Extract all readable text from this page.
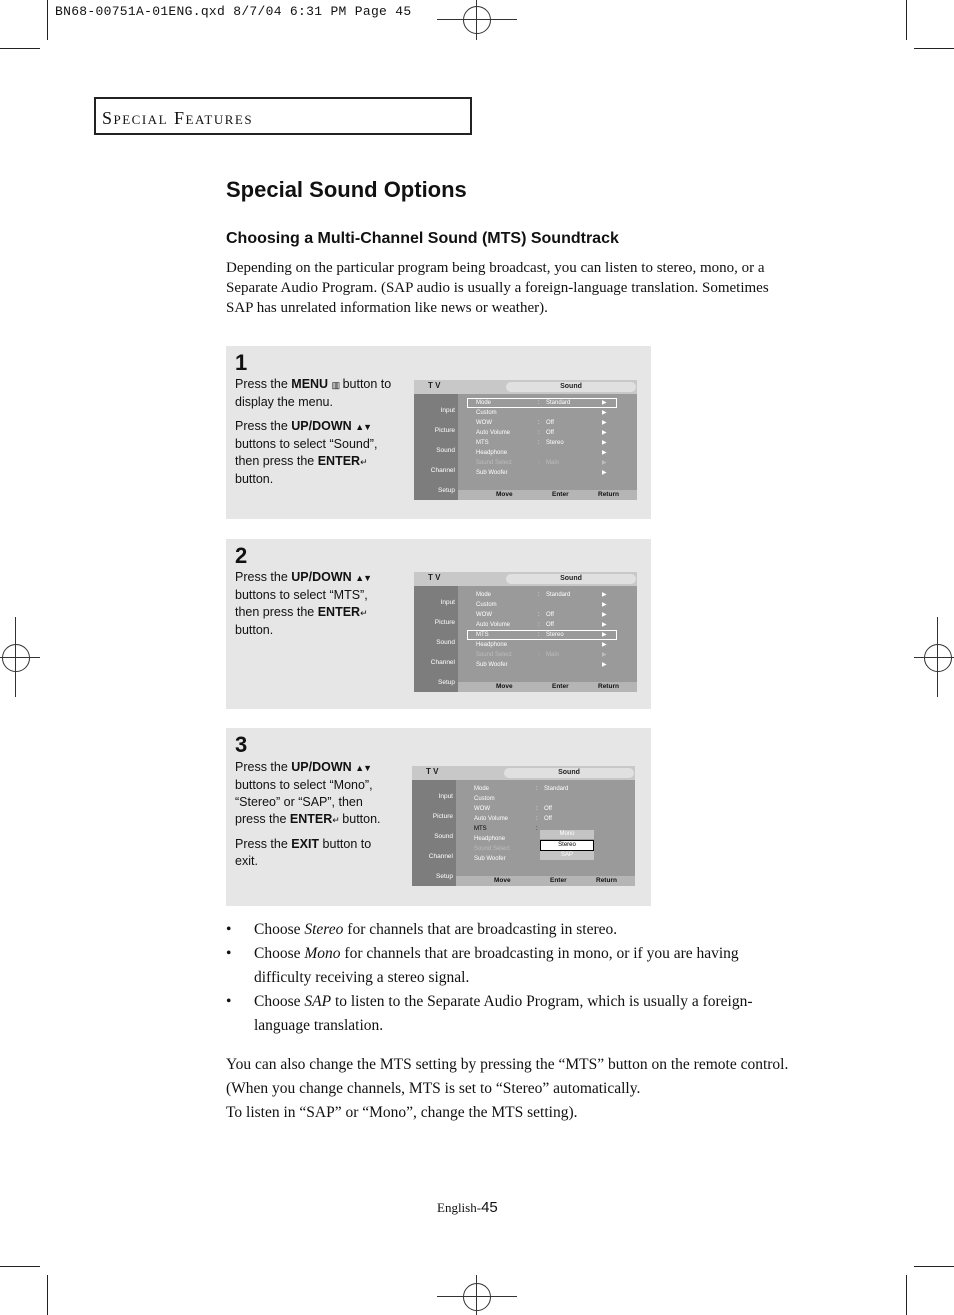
BN68-00751A-01ENG.qxd 8/7/04 6:31 PM Page 45
Special Features
Special Sound Options
Choosing a Multi-Channel Sound (MTS) Soundtrack
Depending on the particular program being broadcast, you can listen to stereo, mono, or a Separate Audio Program. (SAP audio is usually a foreign-language translation. Sometimes SAP has unrelated information like news or weather).
1

Press the MENU ▥ button to display the menu.

Press the UP/DOWN ▲▼ buttons to select “Sound”, then press the ENTER↵ button.

T V	Sound
Input
Picture
Sound
Channel
Setup
Mode	: Standard	▶
Custom	▶
WOW	: Off	▶
Auto Volume	: Off	▶
MTS	: Stereo	▶
Headphone	▶
Sound Select	: Main	▶
Sub Woofer	▶
Move	Enter	Return
2

Press the UP/DOWN ▲▼ buttons to select “MTS”, then press the ENTER↵ button.

T V	Sound
Input
Picture
Sound
Channel
Setup
Mode	: Standard	▶
Custom	▶
WOW	: Off	▶
Auto Volume	: Off	▶
MTS	: Stereo	▶
Headphone	▶
Sound Select	: Main	▶
Sub Woofer	▶
Move	Enter	Return
3

Press the UP/DOWN ▲▼ buttons to select “Mono”, “Stereo” or “SAP”, then press the ENTER↵ button.

Press the EXIT button to exit.

T V	Sound
Input
Picture
Sound
Channel
Setup
Mode	: Standard
Custom
WOW	: Off
Auto Volume	: Off
MTS	:
Headphone
Sound Select
Sub Woofer
Mono
Stereo
SAP
Move	Enter	Return
• Choose Stereo for channels that are broadcasting in stereo.
• Choose Mono for channels that are broadcasting in mono, or if you are having difficulty receiving a stereo signal.
• Choose SAP to listen to the Separate Audio Program, which is usually a foreign-language translation.

You can also change the MTS setting by pressing the “MTS” button on the remote control. (When you change channels, MTS is set to “Stereo” automatically.

To listen in “SAP” or “Mono”, change the MTS setting).

English-45
